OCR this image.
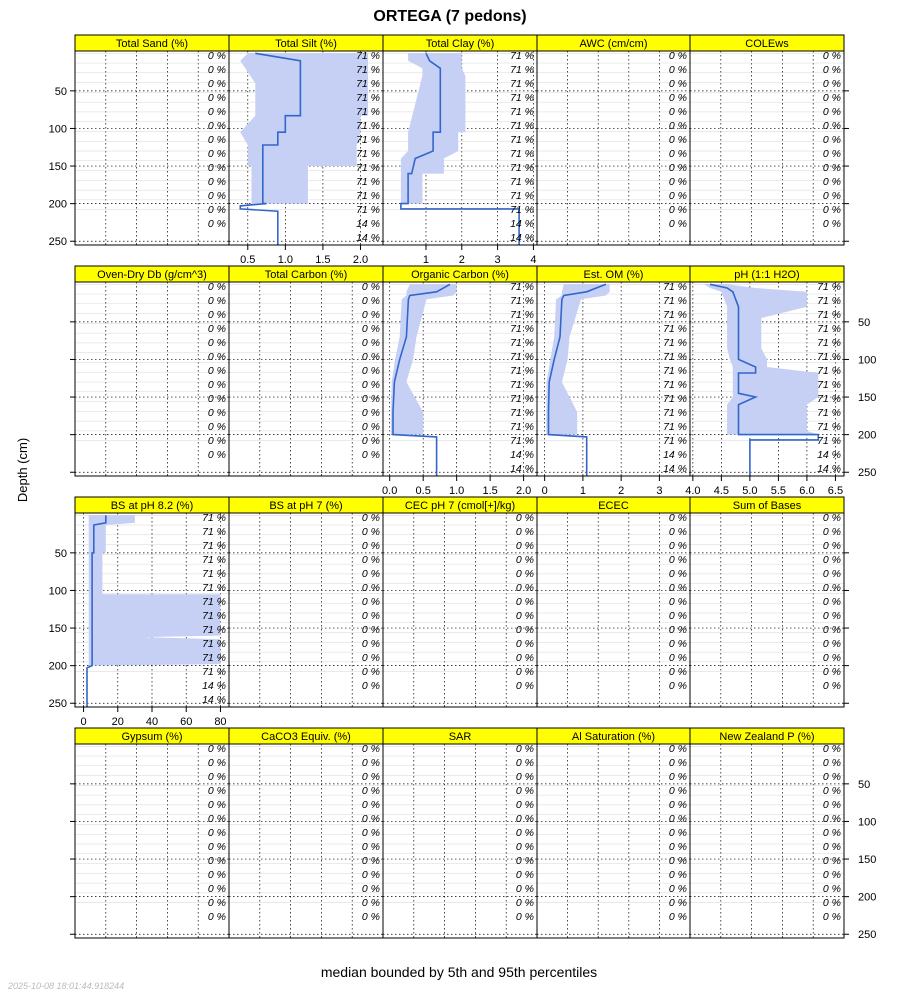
ORTEGA (7 pedons)
Depth (cm)
median bounded by 5th and 95th percentiles
2025-10-08 18:01:44.918244
Total Sand (%)
0 %
0 %
0 %
0 %
0 %
0 %
0 %
0 %
0 %
0 %
0 %
0 %
0 %
Total Silt (%)
71 %
71 %
71 %
71 %
71 %
71 %
71 %
71 %
71 %
71 %
71 %
71 %
14 %
14 %
0.5 1.0 1.5 2.0
Total Clay (%)
71 %
71 %
71 %
71 %
71 %
71 %
71 %
71 %
71 %
71 %
71 %
71 %
14 %
14 %
1	2	3	4
AWC (cm/cm)
0 %
0 %
0 %
0 %
0 %
0 %
0 %
0 %
0 %
0 %
0 %
0 %
0 %
COLEws
0 %
0 %
0 %
0 %
0 %
0 %
0 %
0 %
0 %
0 %
0 %
0 %
0 %
Oven-Dry Db (g/cm^3)
0 %
0 %
0 %
0 %
0 %
0 %
0 %
0 %
0 %
0 %
0 %
0 %
0 %
Total Carbon (%)
0 %
0 %
0 %
0 %
0 %
0 %
0 %
0 %
0 %
0 %
0 %
0 %
0 %
Organic Carbon (%)
71 %
71 %
71 %
71 %
71 %
71 %
71 %
71 %
71 %
71 %
71 %
71 %
14 %
14 %
0.0 0.5 1.0 1.5 2.0
Est. OM (%)
71 %
71 %
71 %
71 %
71 %
71 %
71 %
71 %
71 %
71 %
71 %
71 %
14 %
14 %
0	1	2	3
pH (1:1 H2O)
71 %
71 %
71 %
71 %
71 %
71 %
71 %
71 %
71 %
71 %
71 %
71 %
14 %
14 %
4.0 4.5 5.0 5.5 6.0 6.5
BS at pH 8.2 (%)
71 %
71 %
71 %
71 %
71 %
71 %
71 %
71 %
71 %
71 %
71 %
71 %
14 %
14 %
0 20 40 60 80
BS at pH 7 (%)
0 %
0 %
0 %
0 %
0 %
0 %
0 %
0 %
0 %
0 %
0 %
0 %
0 %
CEC pH 7 (cmol[+]/kg)
0 %
0 %
0 %
0 %
0 %
0 %
0 %
0 %
0 %
0 %
0 %
0 %
0 %
ECEC
0 %
0 %
0 %
0 %
0 %
0 %
0 %
0 %
0 %
0 %
0 %
0 %
0 %
Sum of Bases
0 %
0 %
0 %
0 %
0 %
0 %
0 %
0 %
0 %
0 %
0 %
0 %
0 %
Gypsum (%)
0 %
0 %
0 %
0 %
0 %
0 %
0 %
0 %
0 %
0 %
0 %
0 %
0 %
CaCO3 Equiv. (%)
0 %
0 %
0 %
0 %
0 %
0 %
0 %
0 %
0 %
0 %
0 %
0 %
0 %
SAR
0 %
0 %
0 %
0 %
0 %
0 %
0 %
0 %
0 %
0 %
0 %
0 %
0 %
Al Saturation (%)
0 %
0 %
0 %
0 %
0 %
0 %
0 %
0 %
0 %
0 %
0 %
0 %
0 %
New Zealand P (%)
0 %
0 %
0 %
0 %
0 %
0 %
0 %
0 %
0 %
0 %
0 %
0 %
0 %
50
100
150
200
250
50
100
150
200
250
50
100
150
200
250
50
100
150
200
250
